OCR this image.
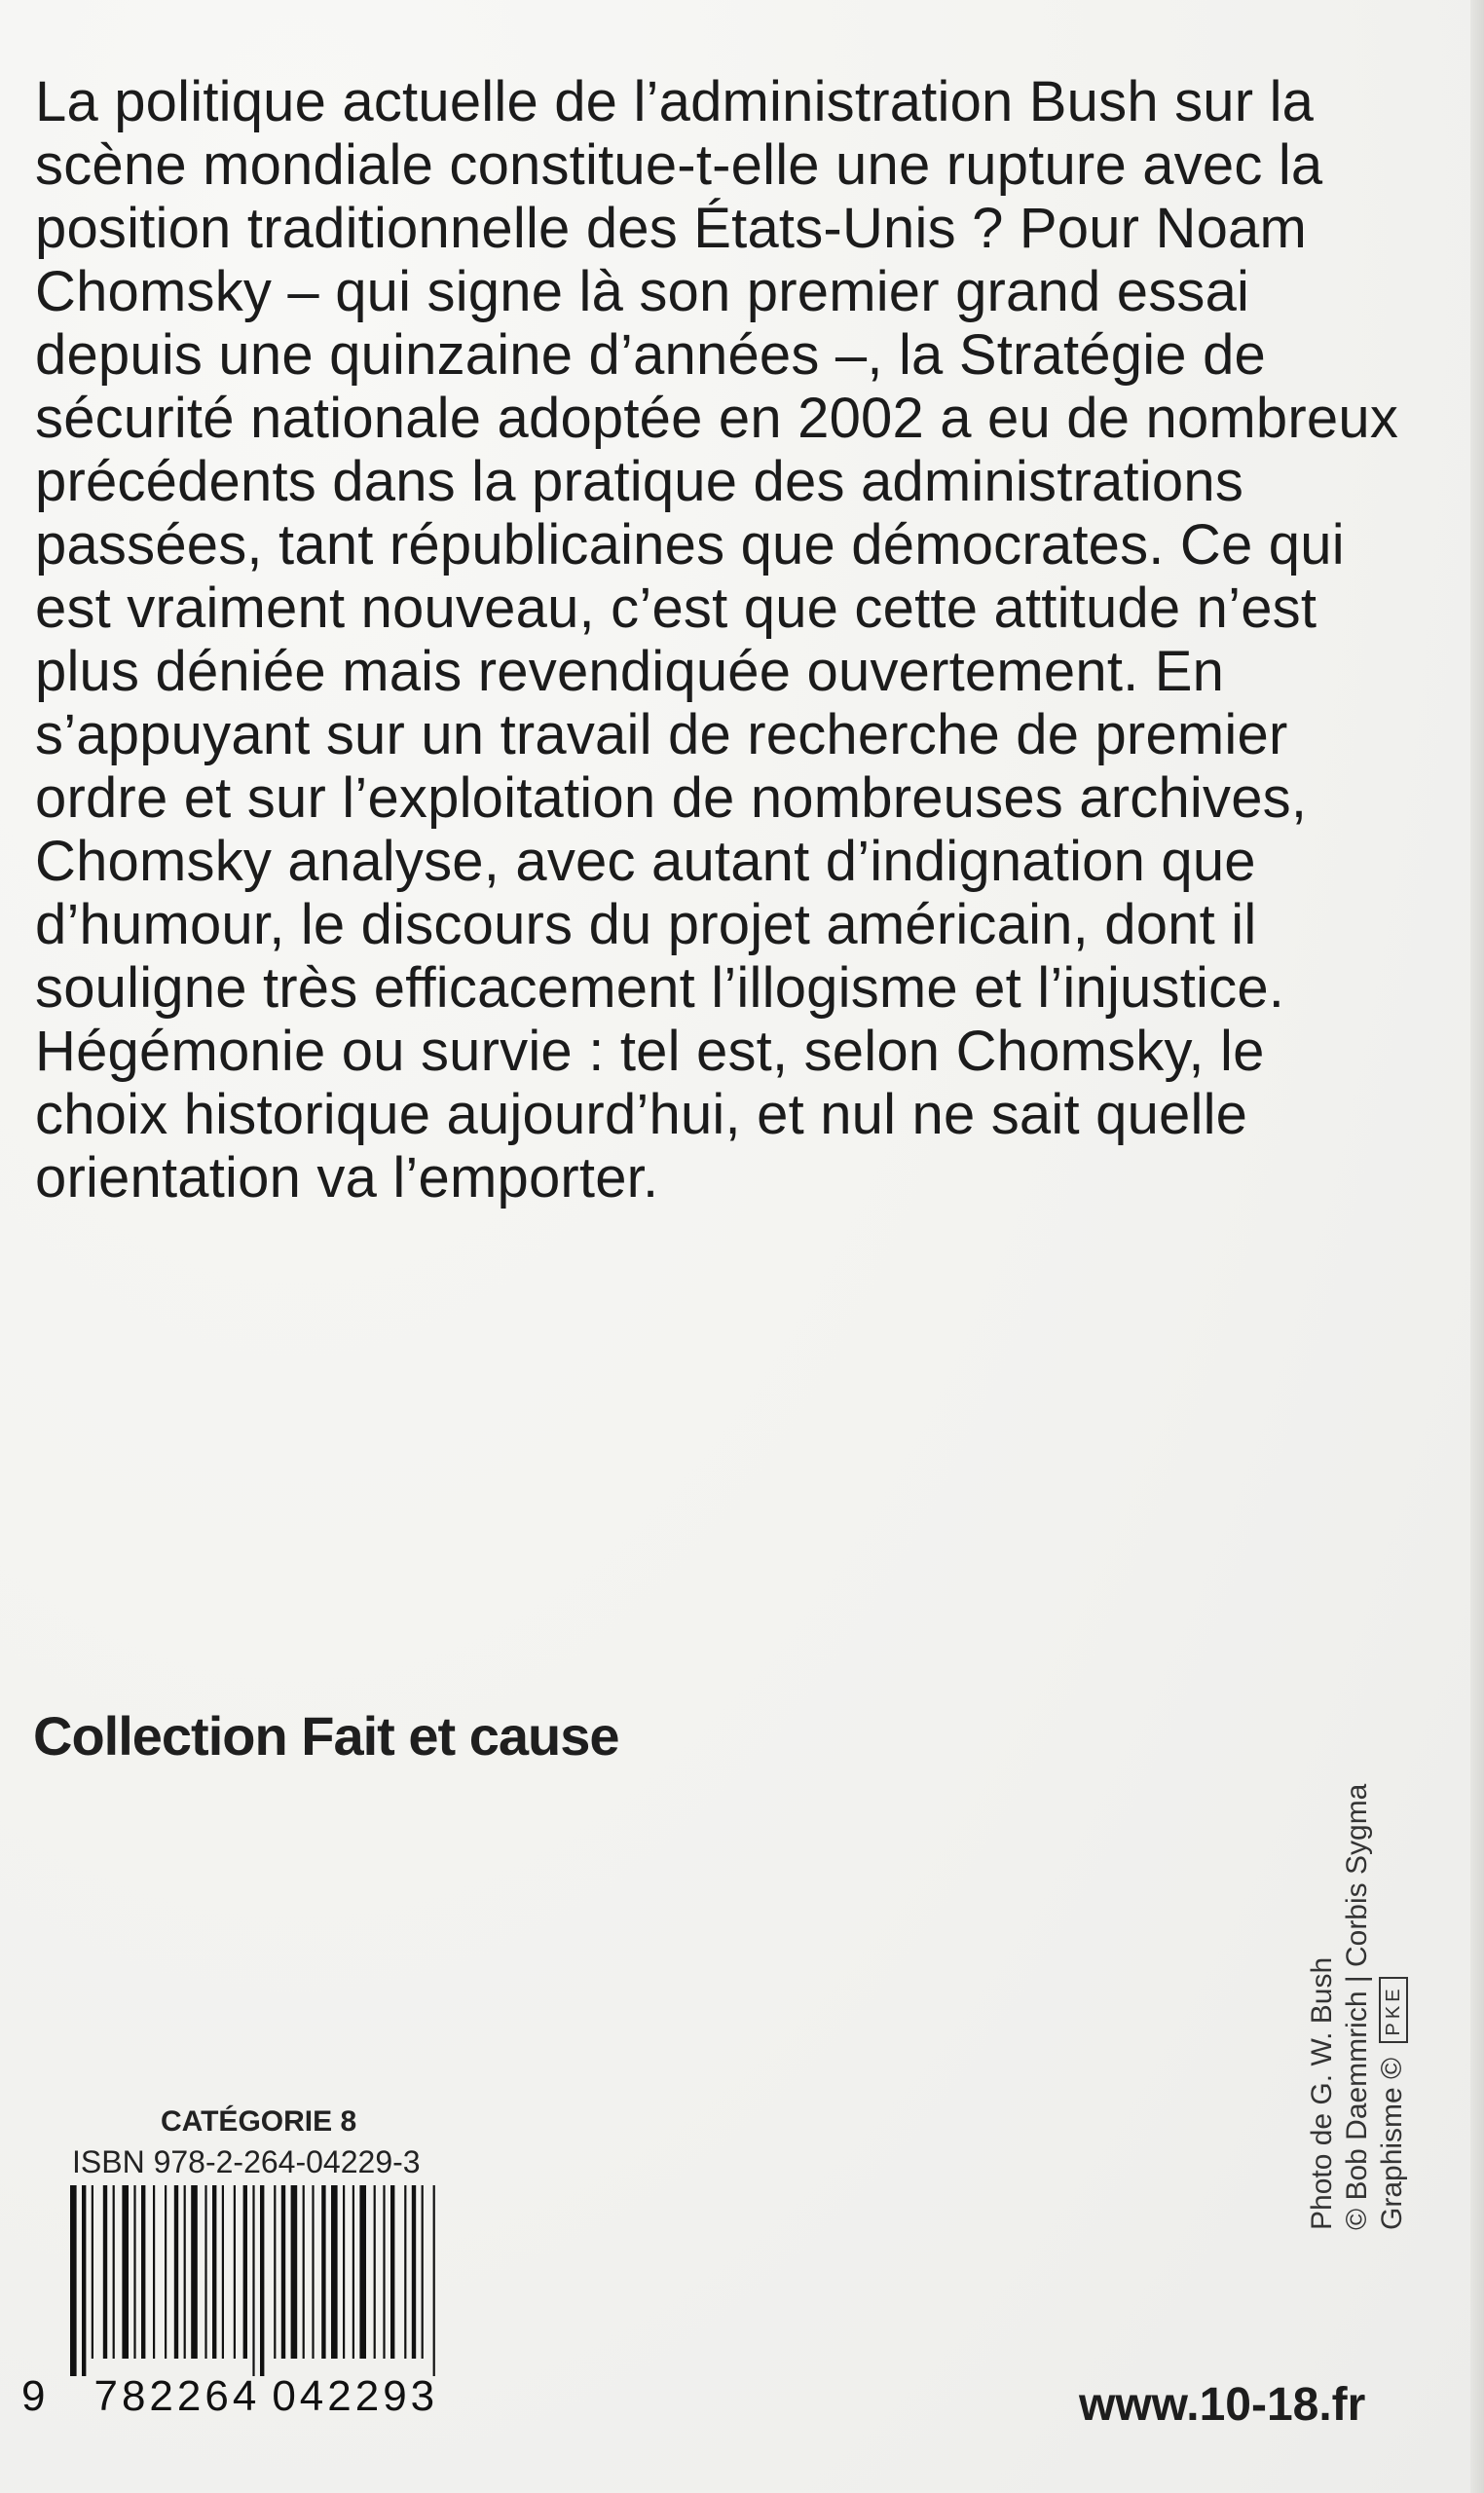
La politique actuelle de l’administration Bush sur la scène mondiale constitue-t-elle une rupture avec la position traditionnelle des États-Unis ? Pour Noam Chomsky – qui signe là son premier grand essai depuis une quinzaine d’années –, la Stratégie de sécurité nationale adoptée en 2002 a eu de nombreux précédents dans la pratique des administrations passées, tant républicaines que démocrates. Ce qui est vraiment nouveau, c’est que cette attitude n’est plus déniée mais revendiquée ouvertement. En s’appuyant sur un travail de recherche de premier ordre et sur l’exploitation de nombreuses archives, Chomsky analyse, avec autant d’indignation que d’humour, le discours du projet américain, dont il souligne très efficacement l’illogisme et l’injustice. Hégémonie ou survie : tel est, selon Chomsky, le choix historique aujourd’hui, et nul ne sait quelle orientation va l’emporter.

Collection Fait et cause
CATÉGORIE 8
ISBN 978-2-264-04229-3
9 782264 042293
Photo de G. W. Bush © Bob Daemmrich | Corbis Sygma Graphisme © PKE
www.10-18.fr
